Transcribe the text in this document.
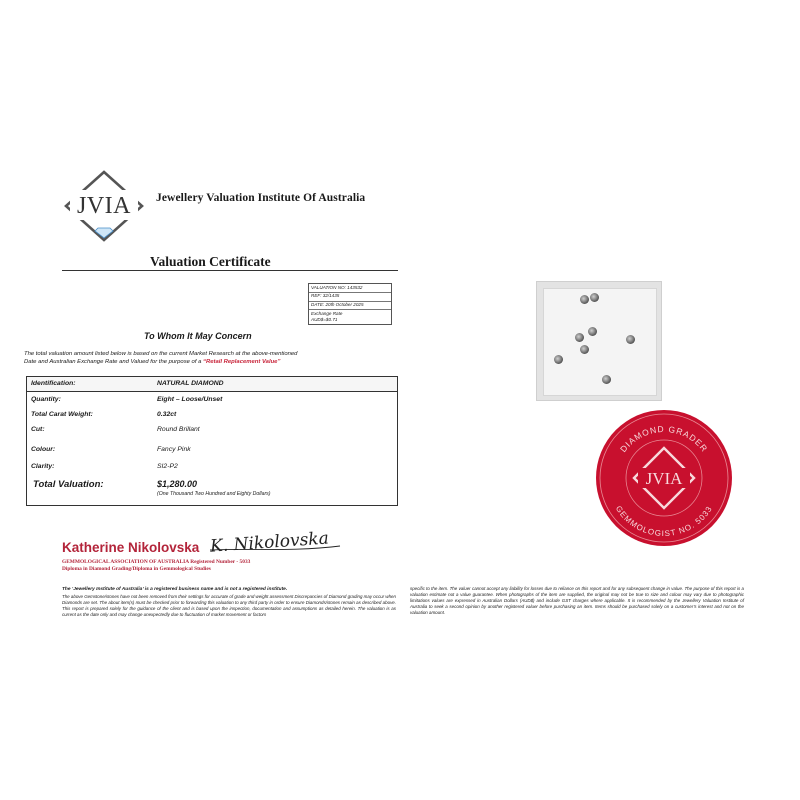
JVIA Jewellery Valuation Institute Of Australia
Valuation Certificate
VALUATION NO: 143532
REF: 32/1435
DATE: 20th October 2025
Exchange Rate
AUD$=$0.71
To Whom It May Concern
The total valuation amount listed below is based on the current Market Research at the above-mentioned
Date and Australian Exchange Rate and Valued for the purpose of a “Retail Replacement Value”
Identification:	NATURAL DIAMOND
Quantity:	Eight – Loose/Unset
Total Carat Weight:	0.32ct
Cut:	Round Brillant
Colour:	Fancy Pink
Clarity:	SI2-P2
Total Valuation:	$1,280.00
(One Thousand Two Hundred and Eighty Dollars)
Katherine Nikolovska K. Nikolovska
GEMMOLOGICAL ASSOCIATION OF AUSTRALIA Registered Number - 5033
Diploma in Diamond Grading/Diploma in Gemmological Studies
The ‘Jewellery Institute of Australia’ is a registered business name and is not a registered institute.
The above Gemstone/stones have not been removed from their settings for accurate of grade and weight assessment Discrepancies of Diamond grading may occur when Diamonds are set. The about item(s) must be checked prior to forwarding this valuation to any third party in order to ensure Diamonds/stones remain as described above. This report is prepared solely for the guidance of the client and is based upon the inspection, documentation and assumptions as detailed herein. The valuation is as current as the date only and may change unexpectedly due to fluctuation of market movement or factors
specific to the item. The valuer cannot accept any liability for losses due to reliance on this report and for any subsequent change in value. The purpose of this report is a valuation estimate not a value guarantee. When photographs of the item are supplied, the original may not be true to size and colour may vary due to photographic limitations values are expressed in Australian Dollars (AUD$) and include GST charges where applicable. It is recommended by the Jewellery Valuation Institute of Australia to seek a second opinion by another registered valuer before purchasing an item. Items should be purchased solely on a customer’s interest and not on the valuation amount.
DIAMOND GRADER
GEMMOLOGIST NO. 5033
JVIA
